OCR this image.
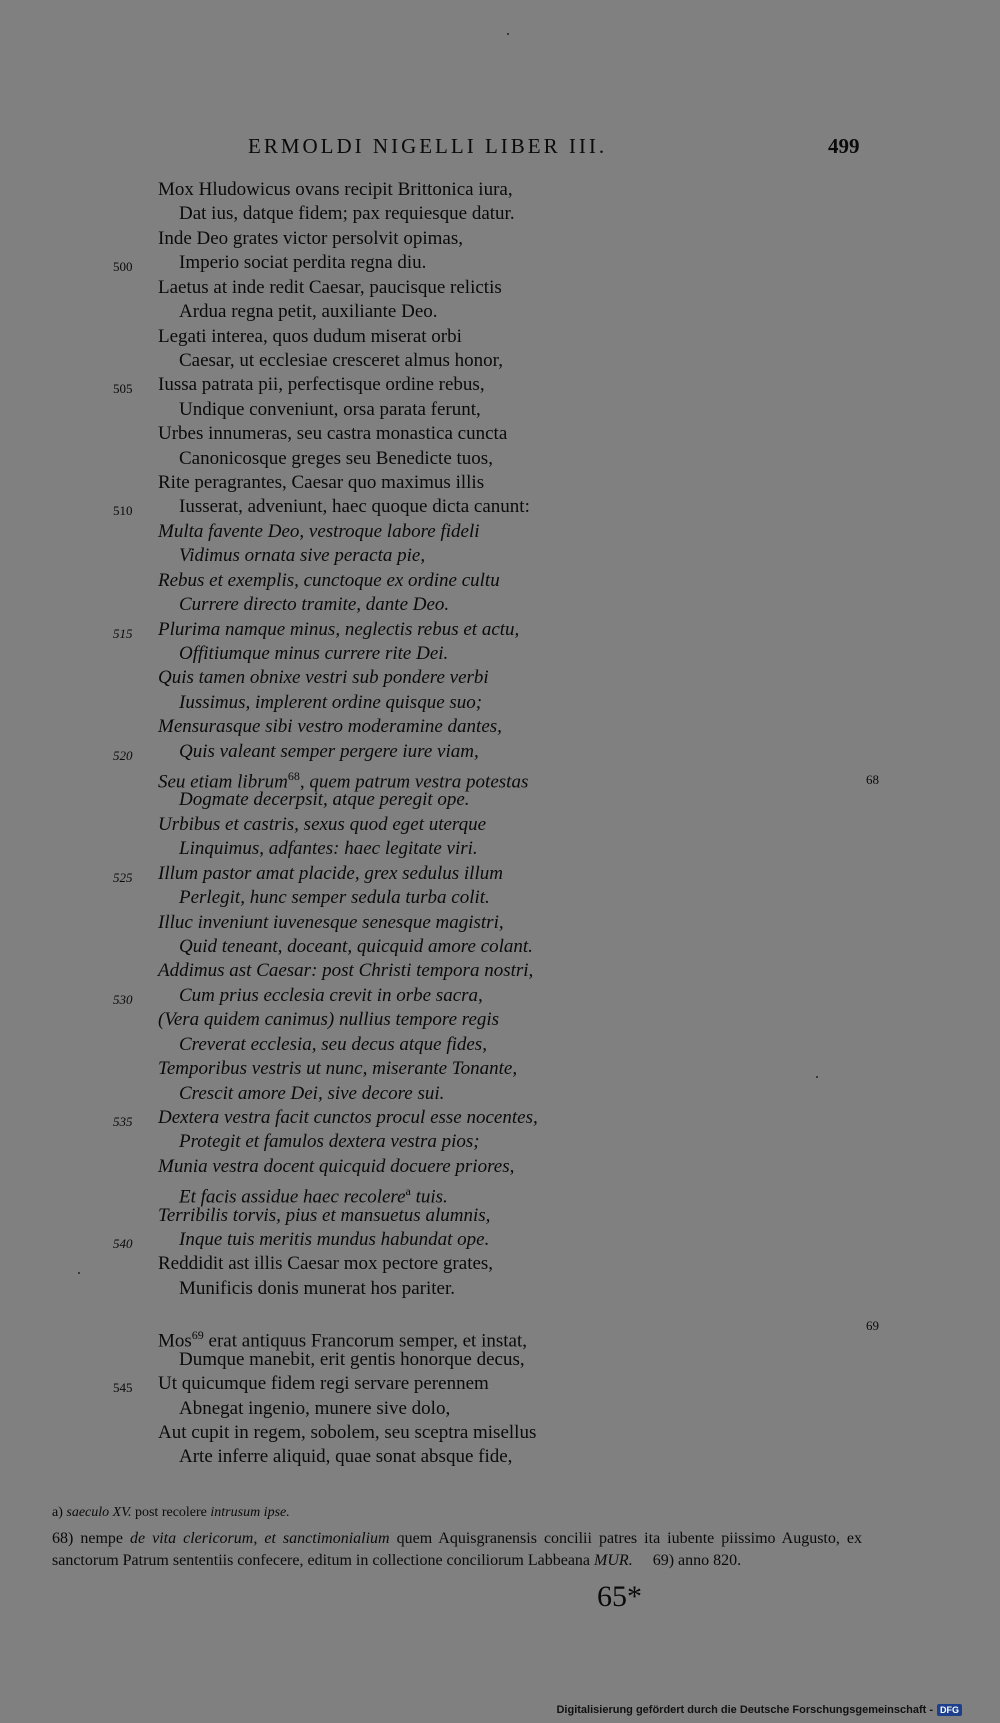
ERMOLDI NIGELLI LIBER III.	499
Mox Hludowicus ovans recipit Brittonica iura,
Dat ius, datque fidem; pax requiesque datur.
Inde Deo grates victor persolvit opimas,
Imperio sociat perdita regna diu.
500
Laetus at inde redit Caesar, paucisque relictis
Ardua regna petit, auxiliante Deo.
Legati interea, quos dudum miserat orbi
Caesar, ut ecclesiae cresceret almus honor,
Iussa patrata pii, perfectisque ordine rebus,
505
Undique conveniunt, orsa parata ferunt,
Urbes innumeras, seu castra monastica cuncta
Canonicosque greges seu Benedicte tuos,
Rite peragrantes, Caesar quo maximus illis
Iusserat, adveniunt, haec quoque dicta canunt:
510
Multa favente Deo, vestroque labore fideli
Vidimus ornata sive peracta pie,
Rebus et exemplis, cunctoque ex ordine cultu
Currere directo tramite, dante Deo.
Plurima namque minus, neglectis rebus et actu,
515
Offitiumque minus currere rite Dei.
Quis tamen obnixe vestri sub pondere verbi
Iussimus, implerent ordine quisque suo;
Mensurasque sibi vestro moderamine dantes,
Quis valeant semper pergere iure viam,
520
Seu etiam librum$^{68}$, quem patrum vestra potestas
Dogmate decerpsit, atque peregit ope.
Urbibus et castris, sexus quod eget uterque
Linquimus, adfantes: haec legitate viri.
Illum pastor amat placide, grex sedulus illum
525
Perlegit, hunc semper sedula turba colit.
Illuc inveniunt iuvenesque senesque magistri,
Quid teneant, doceant, quicquid amore colant.
Addimus ast Caesar: post Christi tempora nostri,
Cum prius ecclesia crevit in orbe sacra,
530
(Vera quidem canimus) nullius tempore regis
Creverat ecclesia, seu decus atque fides,
Temporibus vestris ut nunc, miserante Tonante,
Crescit amore Dei, sive decore sui.
Dextera vestra facit cunctos procul esse nocentes,
535
Protegit et famulos dextera vestra pios;
Munia vestra docent quicquid docuere priores,
Et facis assidue haec recolere$^a$ tuis.
Terribilis torvis, pius et mansuetus alumnis,
Inque tuis meritis mundus habundat ope.
540
Reddidit ast illis Caesar mox pectore grates,
Munificis donis munerat hos pariter.
Mos$^{69}$ erat antiquus Francorum semper, et instat,
Dumque manebit, erit gentis honorque decus,
Ut quicumque fidem regi servare perennem
545
Abnegat ingenio, munere sive dolo,
Aut cupit in regem, sobolem, seu sceptra misellus
Arte inferre aliquid, quae sonat absque fide,
68
69
a) saeculo XV. post recolere intrusum ipse.
68) nempe de vita clericorum, et sanctimonialium quem Aquisgranensis concilii patres ita iubente piissimo Augusto, ex sanctorum Patrum sententiis confecere, editum in collectione conciliorum Labbeana MUR. 69) anno 820.
65*
Digitalisierung gefördert durch die Deutsche Forschungsgemeinschaft - DFG
